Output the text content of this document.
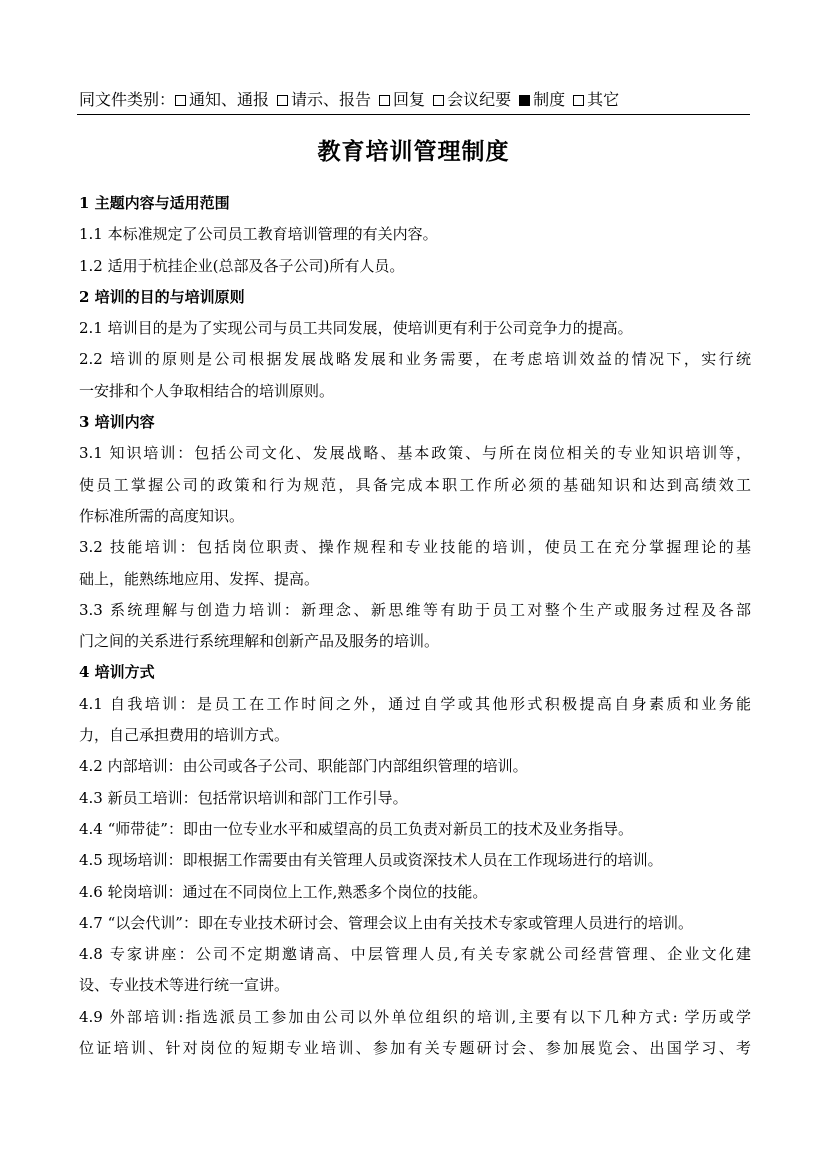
同文件类别： 通知、通报 请示、报告 回复 会议纪要 制度 其它
教育培训管理制度
1 主题内容与适用范围
1.1 本标准规定了公司员工教育培训管理的有关内容。
1.2 适用于杭挂企业(总部及各子公司)所有人员。
2 培训的目的与培训原则
2.1 培训目的是为了实现公司与员工共同发展，使培训更有利于公司竞争力的提高。
2.2 培训的原则是公司根据发展战略发展和业务需要，在考虑培训效益的情况下，实行统
一安排和个人争取相结合的培训原则。
3 培训内容
3.1 知识培训：包括公司文化、发展战略、基本政策、与所在岗位相关的专业知识培训等，
使员工掌握公司的政策和行为规范，具备完成本职工作所必须的基础知识和达到高绩效工
作标准所需的高度知识。
3.2 技能培训：包括岗位职责、操作规程和专业技能的培训，使员工在充分掌握理论的基
础上，能熟练地应用、发挥、提高。
3.3 系统理解与创造力培训：新理念、新思维等有助于员工对整个生产或服务过程及各部
门之间的关系进行系统理解和创新产品及服务的培训。
4 培训方式
4.1 自我培训：是员工在工作时间之外，通过自学或其他形式积极提高自身素质和业务能
力，自己承担费用的培训方式。
4.2 内部培训：由公司或各子公司、职能部门内部组织管理的培训。
4.3 新员工培训：包括常识培训和部门工作引导。
4.4 “师带徒”：即由一位专业水平和威望高的员工负责对新员工的技术及业务指导。
4.5 现场培训：即根据工作需要由有关管理人员或资深技术人员在工作现场进行的培训。
4.6 轮岗培训：通过在不同岗位上工作,熟悉多个岗位的技能。
4.7 “以会代训”：即在专业技术研讨会、管理会议上由有关技术专家或管理人员进行的培训。
4.8 专家讲座：公司不定期邀请高、中层管理人员,有关专家就公司经营管理、企业文化建
设、专业技术等进行统一宣讲。
4.9 外部培训:指选派员工参加由公司以外单位组织的培训,主要有以下几种方式: 学历或学
位证培训、针对岗位的短期专业培训、参加有关专题研讨会、参加展览会、出国学习、考
